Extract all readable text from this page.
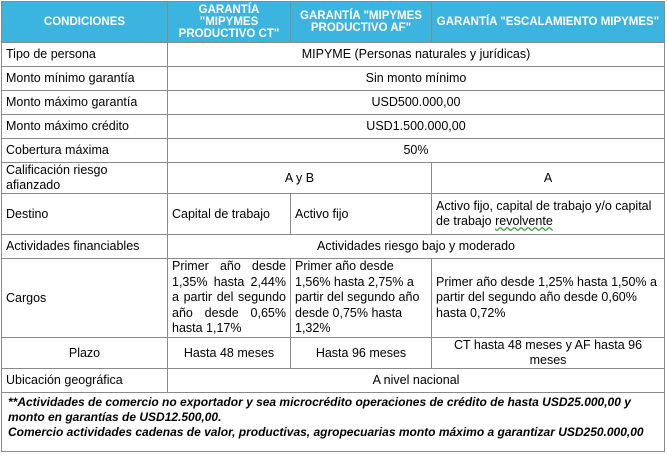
CONDICIONES	GARANTÍA "MIPYMES PRODUCTIVO CT"	GARANTÍA "MIPYMES PRODUCTIVO AF"	GARANTÍA "ESCALAMIENTO MIPYMES"
Tipo de persona	MIPYME (Personas naturales y jurídicas)		
Monto mínimo garantía	Sin monto mínimo		
Monto máximo garantía	USD500.000,00		
Monto máximo crédito	USD1.500.000,00		
Cobertura máxima	50%		
Calificación riesgo afianzado	A y B		A
Destino	Capital de trabajo	Activo fijo	Activo fijo, capital de trabajo y/o capital de trabajo revolvente
Actividades financiables	Actividades riesgo bajo y moderado		
Cargos	Primer año desde 1,35% hasta 2,44% a partir del segundo año desde 0,65% hasta 1,17%	Primer año desde 1,56% hasta 2,75% a partir del segundo año desde 0,75% hasta 1,32%	Primer año desde 1,25% hasta 1,50% a partir del segundo año desde 0,60% hasta 0,72%
Plazo	Hasta 48 meses	Hasta 96 meses	CT hasta 48 meses y AF hasta 96 meses
Ubicación geográfica	A nivel nacional		

**Actividades de comercio no exportador y sea microcrédito operaciones de crédito de hasta USD25.000,00 y monto en garantías de USD12.500,00.
Comercio actividades cadenas de valor, productivas, agropecuarias monto máximo a garantizar USD250.000,00			
